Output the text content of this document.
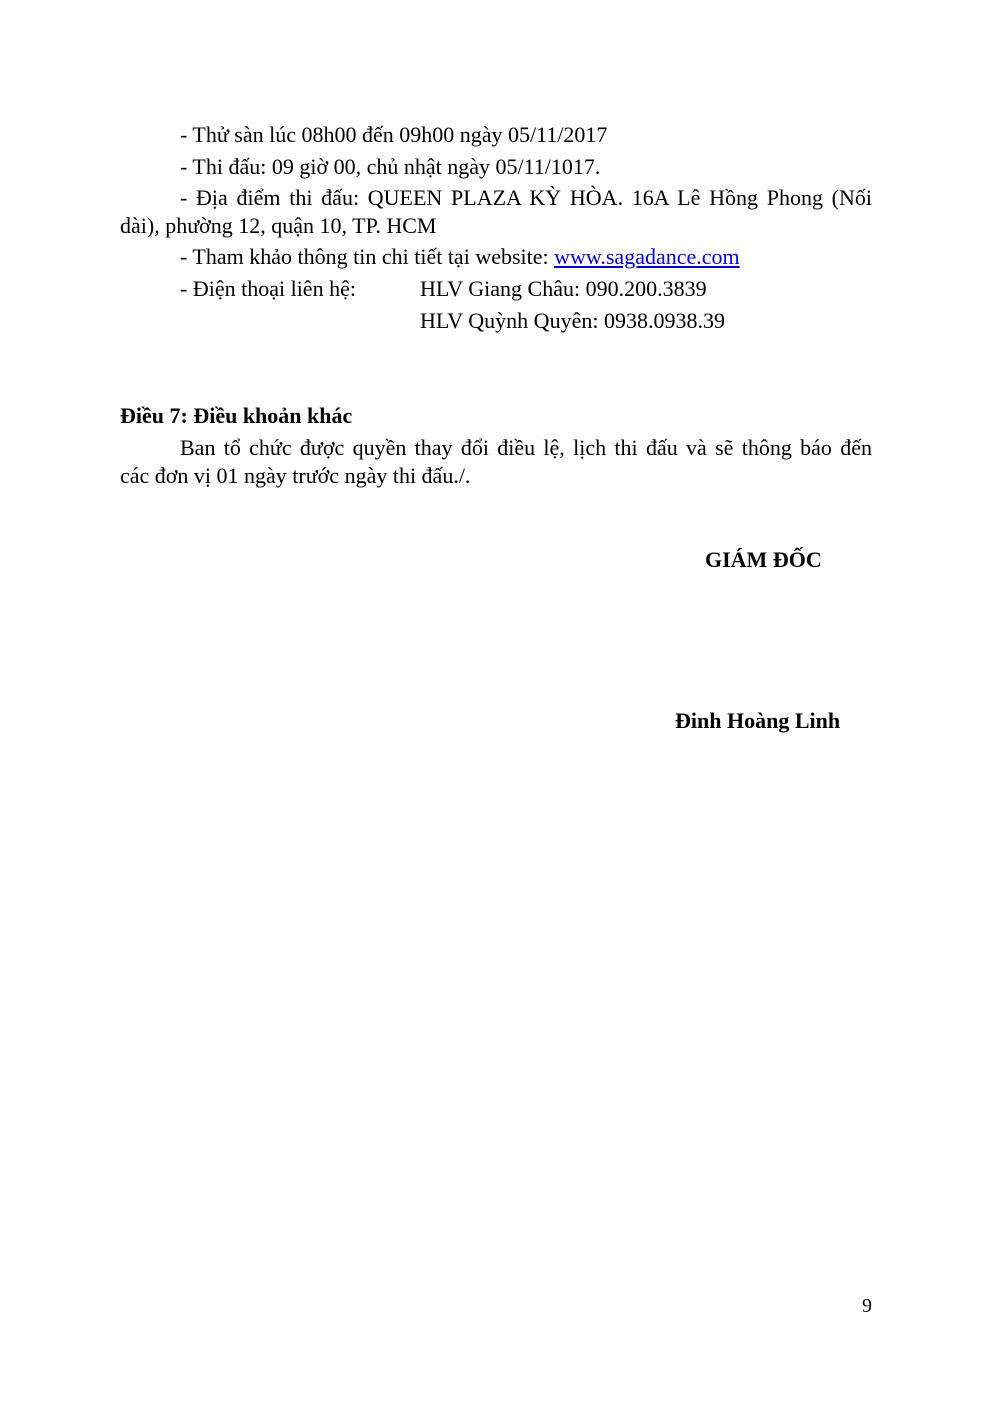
- Thử sàn lúc 08h00 đến 09h00 ngày 05/11/2017
- Thi đấu: 09 giờ 00, chủ nhật ngày 05/11/1017.
- Địa điểm thi đấu: QUEEN PLAZA KỲ HÒA. 16A Lê Hồng Phong (Nối
dài), phường 12, quận 10, TP. HCM
- Tham khảo thông tin chi tiết tại website: www.sagadance.com
- Điện thoại liên hệ:	HLV Giang Châu: 090.200.3839
HLV Quỳnh Quyên: 0938.0938.39
Điều 7: Điều khoản khác
Ban tổ chức được quyền thay đổi điều lệ, lịch thi đấu và sẽ thông báo đến
các đơn vị 01 ngày trước ngày thi đấu./.
GIÁM ĐỐC
Đinh Hoàng Linh
9
